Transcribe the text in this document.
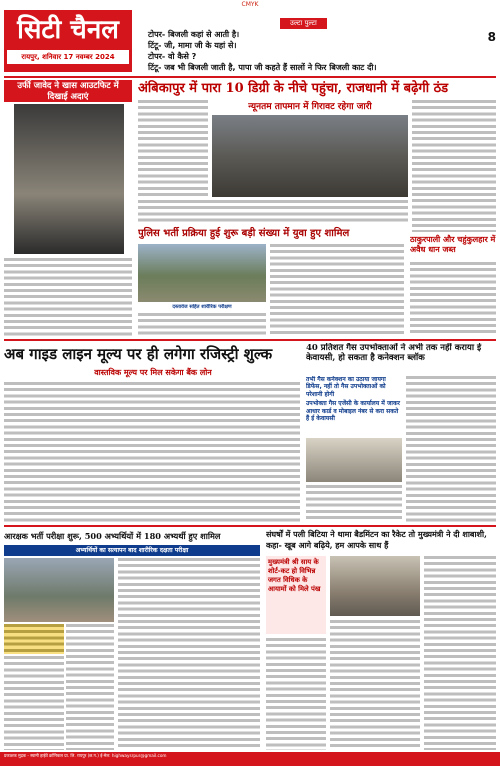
CMYK
सिटी चैनल
रायपुर, शनिवार 17 नवम्बर 2024
उल्टा पुल्टा
टोपर- बिजली कहां से आती है।
टिंटू- जी, मामा जी के यहां से।
टोपर- वो कैसे ?
टिंटू- जब भी बिजली जाती है, पापा जी कहते हैं सालों ने फिर बिजली काट दी।
8
उर्फी जावेद ने खास आउटफिट में दिखाई अदाएं
अंबिकापुर में पारा 10 डिग्री के नीचे पहुंचा, राजधानी में बढ़ेगी ठंड
न्यूनतम तापमान में गिरावट रहेगा जारी
पुलिस भर्ती प्रक्रिया हुई शुरू बड़ी संख्या में युवा हुए शामिल
दस्तावेज सहित शारीरिक परीक्षण
ठाकुरपाली और चहुंकुलहार में अवैध धान जब्त
अब गाइड लाइन मूल्य पर ही लगेगा रजिस्ट्री शुल्क
वास्तविक मूल्य पर मिल सकेगा बैंक लोन
40 प्रतिशत गैस उपभोक्ताओं ने अभी तक नहीं कराया ई केवायसी, हो सकता है कनेक्शन ब्लॉक
तभी गैस कनेक्शन का उठाया जायगा डिफेंस, नहीं तो गैस उपभोक्ताओं को परेशानी होगी
उपभोक्ता गैस एजेंसी के कार्यालय में जाकर आधार कार्ड व मोबाइल नंबर से करा सकते हैं ई केवायसी
आरक्षक भर्ती परीक्षा शुरू, 500 अभ्यर्थियों में 180 अभ्यर्थी हुए शामिल
अभ्यर्थियों का सत्यापन बाद शारीरिक दक्षता परीक्षा
संघर्षों में पली बिटिया ने थामा बैडमिंटन का रैकेट तो मुख्यमंत्री ने दी शाबाशी, कहा- खूब आगे बढ़िये, हम आपके साथ हैं
मुख्यमंत्री श्री साय के शोर्ट-कट हो विभिन्न जगत विधिक के आयामों को मिले पंख
प्रकाशक मुद्रक - स्वामी हाईवे क्रॉनिकल प्रा. लि. रायपुर (छ.ग.) ई-मेल: highwaysrpur@gmail.com
